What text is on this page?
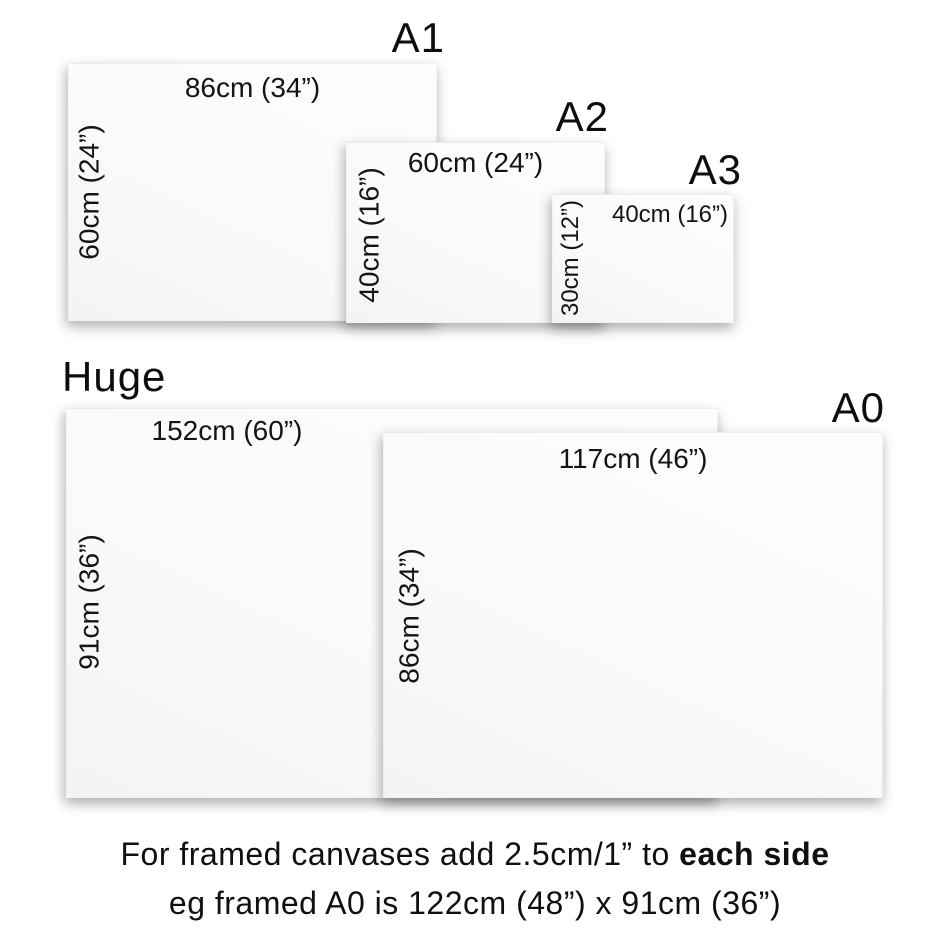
A1
A2
A3
Huge
A0
86cm (34”)
60cm (24”)
40cm (16”)
152cm (60”)
117cm (46”)
60cm (24”)	40cm (16”)	30cm (12”)
91cm (36”)	86cm (34”)
For framed canvases add 2.5cm/1” to each side
eg framed A0 is 122cm (48”) x 91cm (36”)
